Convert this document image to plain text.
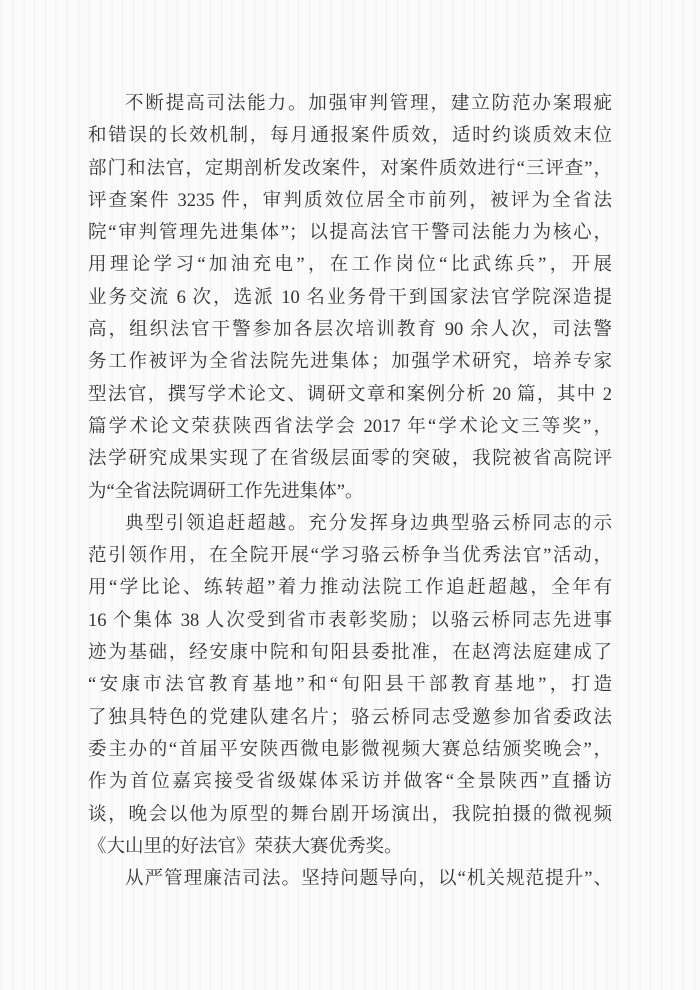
不断提高司法能力。加强审判管理，建立防范办案瑕疵
和错误的长效机制，每月通报案件质效，适时约谈质效末位
部门和法官，定期剖析发改案件，对案件质效进行“三评查”，
评查案件 3235 件，审判质效位居全市前列，被评为全省法
院“审判管理先进集体”；以提高法官干警司法能力为核心，
用理论学习“加油充电”，在工作岗位“比武练兵”，开展
业务交流 6 次，选派 10 名业务骨干到国家法官学院深造提
高，组织法官干警参加各层次培训教育 90 余人次，司法警
务工作被评为全省法院先进集体；加强学术研究，培养专家
型法官，撰写学术论文、调研文章和案例分析 20 篇，其中 2
篇学术论文荣获陕西省法学会 2017 年“学术论文三等奖”，
法学研究成果实现了在省级层面零的突破，我院被省高院评
为“全省法院调研工作先进集体”。
典型引领追赶超越。充分发挥身边典型骆云桥同志的示
范引领作用，在全院开展“学习骆云桥争当优秀法官”活动，
用“学比论、练转超”着力推动法院工作追赶超越，全年有
16 个集体 38 人次受到省市表彰奖励；以骆云桥同志先进事
迹为基础，经安康中院和旬阳县委批准，在赵湾法庭建成了
“安康市法官教育基地”和“旬阳县干部教育基地”，打造
了独具特色的党建队建名片；骆云桥同志受邀参加省委政法
委主办的“首届平安陕西微电影微视频大赛总结颁奖晚会”，
作为首位嘉宾接受省级媒体采访并做客“全景陕西”直播访
谈，晚会以他为原型的舞台剧开场演出，我院拍摄的微视频
《大山里的好法官》荣获大赛优秀奖。
从严管理廉洁司法。坚持问题导向，以“机关规范提升”、
